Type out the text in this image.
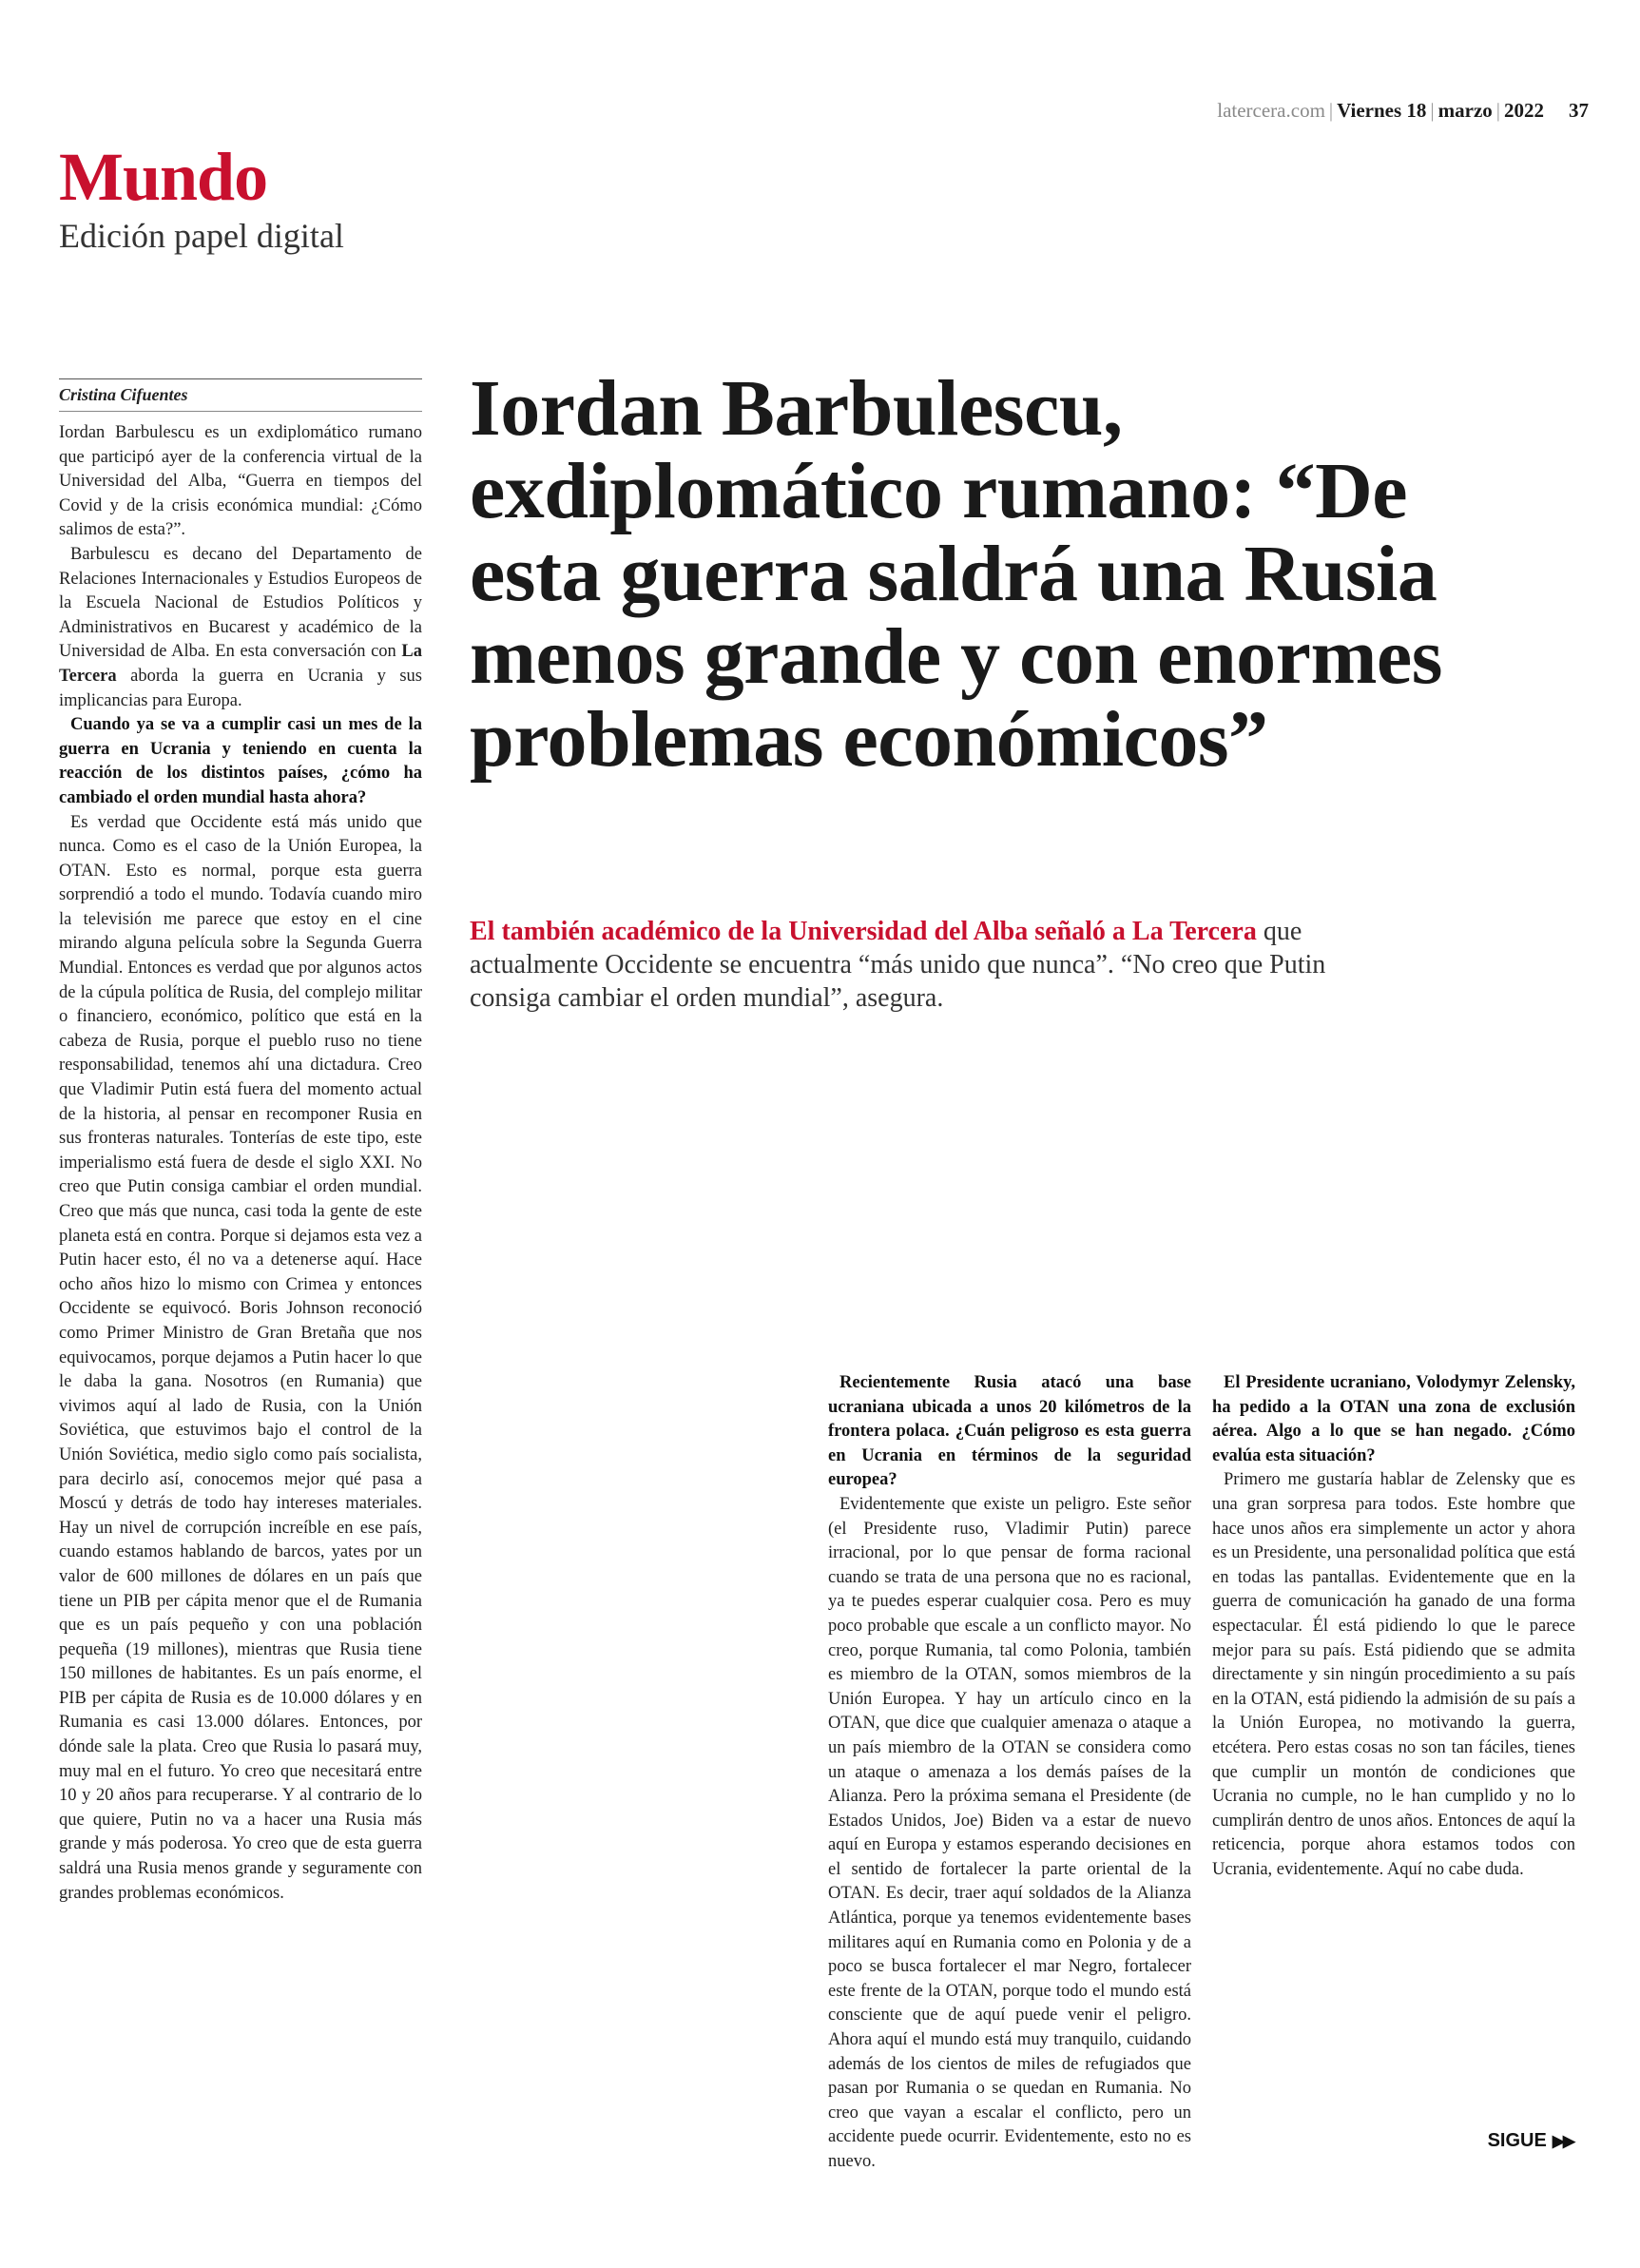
latercera.com | Viernes 18 | marzo | 2022 37
Mundo
Edición papel digital
Cristina Cifuentes

Iordan Barbulescu es un exdiplomático rumano que participó ayer de la conferencia virtual de la Universidad del Alba, “Guerra en tiempos del Covid y de la crisis económica mundial: ¿Cómo salimos de esta?”.

Barbulescu es decano del Departamento de Relaciones Internacionales y Estudios Europeos de la Escuela Nacional de Estudios Políticos y Administrativos en Bucarest y académico de la Universidad de Alba. En esta conversación con La Tercera aborda la guerra en Ucrania y sus implicancias para Europa.

Cuando ya se va a cumplir casi un mes de la guerra en Ucrania y teniendo en cuenta la reacción de los distintos países, ¿cómo ha cambiado el orden mundial hasta ahora?

Es verdad que Occidente está más unido que nunca. Como es el caso de la Unión Europea, la OTAN. Esto es normal, porque esta guerra sorprendió a todo el mundo. Todavía cuando miro la televisión me parece que estoy en el cine mirando alguna película sobre la Segunda Guerra Mundial. Entonces es verdad que por algunos actos de la cúpula política de Rusia, del complejo militar o financiero, económico, político que está en la cabeza de Rusia, porque el pueblo ruso no tiene responsabilidad, tenemos ahí una dictadura. Creo que Vladimir Putin está fuera del momento actual de la historia, al pensar en recomponer Rusia en sus fronteras naturales. Tonterías de este tipo, este imperialismo está fuera de desde el siglo XXI. No creo que Putin consiga cambiar el orden mundial. Creo que más que nunca, casi toda la gente de este planeta está en contra. Porque si dejamos esta vez a Putin hacer esto, él no va a detenerse aquí. Hace ocho años hizo lo mismo con Crimea y entonces Occidente se equivocó. Boris Johnson reconoció como Primer Ministro de Gran Bretaña que nos equivocamos, porque dejamos a Putin hacer lo que le daba la gana. Nosotros (en Rumania) que vivimos aquí al lado de Rusia, con la Unión Soviética, que estuvimos bajo el control de la Unión Soviética, medio siglo como país socialista, para decirlo así, conocemos mejor qué pasa a Moscú y detrás de todo hay intereses materiales. Hay un nivel de corrupción increíble en ese país, cuando estamos hablando de barcos, yates por un valor de 600 millones de dólares en un país que tiene un PIB per cápita menor que el de Rumania que es un país pequeño y con una población pequeña (19 millones), mientras que Rusia tiene 150 millones de habitantes. Es un país enorme, el PIB per cápita de Rusia es de 10.000 dólares y en Rumania es casi 13.000 dólares. Entonces, por dónde sale la plata. Creo que Rusia lo pasará muy, muy mal en el futuro. Yo creo que necesitará entre 10 y 20 años para recuperarse. Y al contrario de lo que quiere, Putin no va a hacer una Rusia más grande y más poderosa. Yo creo que de esta guerra saldrá una Rusia menos grande y seguramente con grandes problemas económicos.

Iordan Barbulescu, exdiplomático rumano: “De esta guerra saldrá una Rusia menos grande y con enormes problemas económicos”
El también académico de la Universidad del Alba señaló a La Tercera que actualmente Occidente se encuentra “más unido que nunca”. “No creo que Putin consiga cambiar el orden mundial”, asegura.

Recientemente Rusia atacó una base ucraniana ubicada a unos 20 kilómetros de la frontera polaca. ¿Cuán peligroso es esta guerra en Ucrania en términos de la seguridad europea?

Evidentemente que existe un peligro. Este señor (el Presidente ruso, Vladimir Putin) parece irracional, por lo que pensar de forma racional cuando se trata de una persona que no es racional, ya te puedes esperar cualquier cosa. Pero es muy poco probable que escale a un conflicto mayor. No creo, porque Rumania, tal como Polonia, también es miembro de la OTAN, somos miembros de la Unión Europea. Y hay un artículo cinco en la OTAN, que dice que cualquier amenaza o ataque a un país miembro de la OTAN se considera como un ataque o amenaza a los demás países de la Alianza. Pero la próxima semana el Presidente (de Estados Unidos, Joe) Biden va a estar de nuevo aquí en Europa y estamos esperando decisiones en el sentido de fortalecer la parte oriental de la OTAN. Es decir, traer aquí soldados de la Alianza Atlántica, porque ya tenemos evidentemente bases militares aquí en Rumania como en Polonia y de a poco se busca fortalecer el mar Negro, fortalecer este frente de la OTAN, porque todo el mundo está consciente que de aquí puede venir el peligro. Ahora aquí el mundo está muy tranquilo, cuidando además de los cientos de miles de refugiados que pasan por Rumania o se quedan en Rumania. No creo que vayan a escalar el conflicto, pero un accidente puede ocurrir. Evidentemente, esto no es nuevo.

El Presidente ucraniano, Volodymyr Zelensky, ha pedido a la OTAN una zona de exclusión aérea. Algo a lo que se han negado. ¿Cómo evalúa esta situación?

Primero me gustaría hablar de Zelensky que es una gran sorpresa para todos. Este hombre que hace unos años era simplemente un actor y ahora es un Presidente, una personalidad política que está en todas las pantallas. Evidentemente que en la guerra de comunicación ha ganado de una forma espectacular. Él está pidiendo lo que le parece mejor para su país. Está pidiendo que se admita directamente y sin ningún procedimiento a su país en la OTAN, está pidiendo la admisión de su país a la Unión Europea, no motivando la guerra, etcétera. Pero estas cosas no son tan fáciles, tienes que cumplir un montón de condiciones que Ucrania no cumple, no le han cumplido y no lo cumplirán dentro de unos años. Entonces de aquí la reticencia, porque ahora estamos todos con Ucrania, evidentemente. Aquí no cabe duda.

SIGUE ▶▶
